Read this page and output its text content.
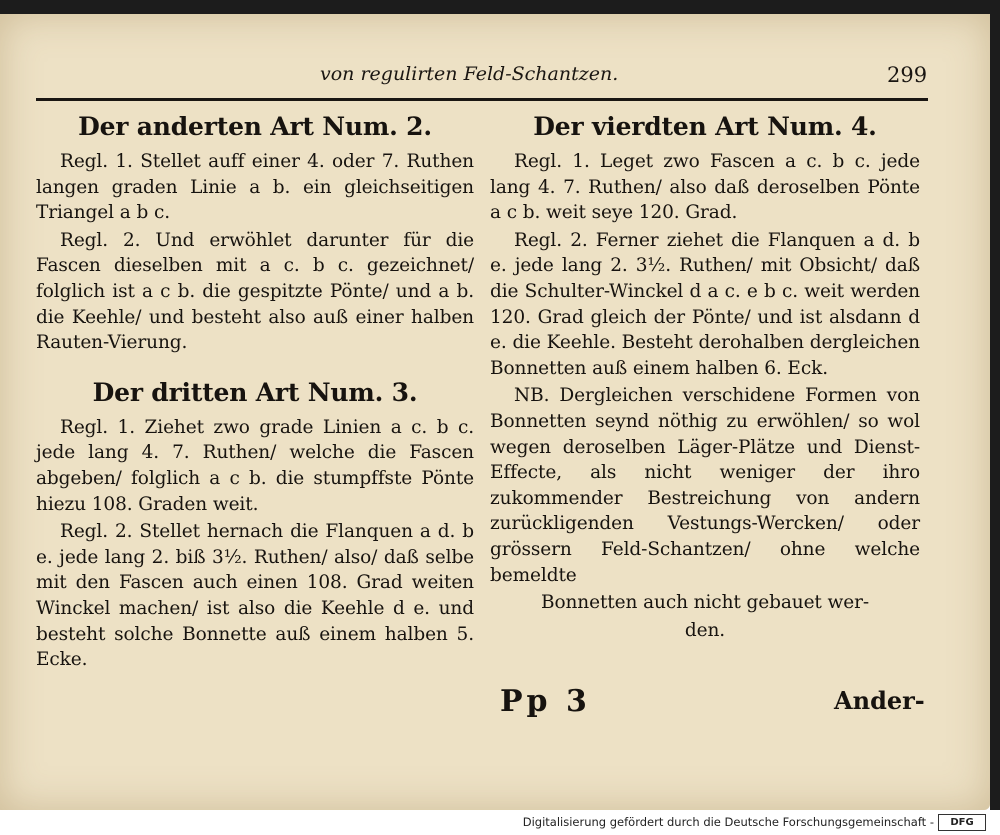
von regulirten Feld-Schantzen.	299
Der anderten Art Num. 2.

Regl. 1. Stellet auff einer 4. oder 7. Ruthen langen graden Linie a b. ein gleichseitigen Triangel a b c.

Regl. 2. Und erwöhlet darunter für die Fascen dieselben mit a c. b c. gezeichnet/ folglich ist a c b. die gespitzte Pönte/ und a b. die Keehle/ und besteht also auß einer halben Rauten-Vierung.

Der dritten Art Num. 3.

Regl. 1. Ziehet zwo grade Linien a c. b c. jede lang 4. 7. Ruthen/ welche die Fascen abgeben/ folglich a c b. die stumpffste Pönte hiezu 108. Graden weit.

Regl. 2. Stellet hernach die Flanquen a d. b e. jede lang 2. biß 3½. Ruthen/ also/ daß selbe mit den Fascen auch einen 108. Grad weiten Winckel machen/ ist also die Keehle d e. und besteht solche Bonnette auß einem halben 5. Ecke.

Der vierdten Art Num. 4.

Regl. 1. Leget zwo Fascen a c. b c. jede lang 4. 7. Ruthen/ also daß deroselben Pönte a c b. weit seye 120. Grad.

Regl. 2. Ferner ziehet die Flanquen a d. b e. jede lang 2. 3½. Ruthen/ mit Obsicht/ daß die Schulter-Winckel d a c. e b c. weit werden 120. Grad gleich der Pönte/ und ist alsdann d e. die Keehle. Besteht derohalben dergleichen Bonnetten auß einem halben 6. Eck.

NB. Dergleichen verschidene Formen von Bonnetten seynd nöthig zu erwöhlen/ so wol wegen deroselben Läger-Plätze und Dienst-Effecte, als nicht weniger der ihro zukommender Bestreichung von andern zurückligenden Vestungs-Wercken/ oder grössern Feld-Schantzen/ ohne welche bemeldte

Bonnetten auch nicht gebauet wer-

den.

Pp 3	Ander-
Digitalisierung gefördert durch die Deutsche Forschungsgemeinschaft -	DFG
